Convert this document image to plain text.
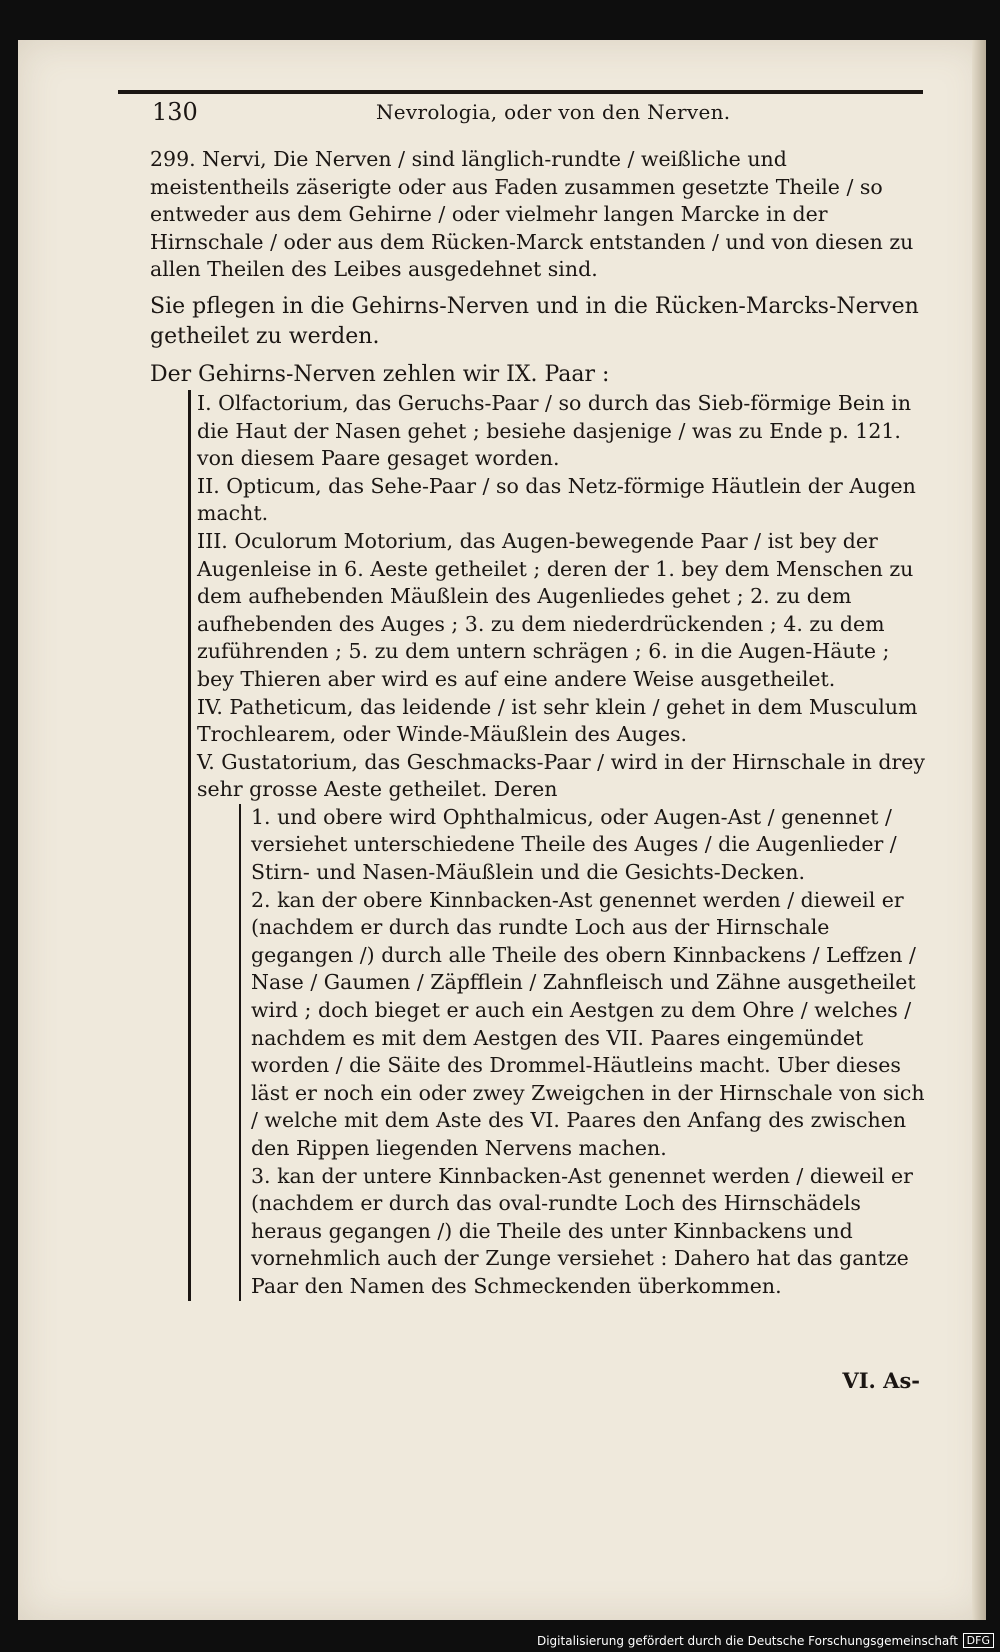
130	Nevrologia, oder von den Nerven.

299. Nervi, Die Nerven / sind länglich-rundte / weißliche und meistentheils zäserigte oder aus Faden zusammen gesetzte Theile / so entweder aus dem Gehirne / oder vielmehr langen Marcke in der Hirnschale / oder aus dem Rücken-Marck entstanden / und von diesen zu allen Theilen des Leibes ausgedehnet sind.

Sie pflegen in die Gehirns-Nerven und in die Rücken-Marcks-Nerven getheilet zu werden.

Der Gehirns-Nerven zehlen wir IX. Paar :

I. Olfactorium, das Geruchs-Paar / so durch das Sieb-förmige Bein in die Haut der Nasen gehet ; besiehe dasjenige / was zu Ende p. 121. von diesem Paare gesaget worden.

II. Opticum, das Sehe-Paar / so das Netz-förmige Häutlein der Augen macht.

III. Oculorum Motorium, das Augen-bewegende Paar / ist bey der Augenleise in 6. Aeste getheilet ; deren der 1. bey dem Menschen zu dem aufhebenden Mäußlein des Augenliedes gehet ; 2. zu dem aufhebenden des Auges ; 3. zu dem niederdrückenden ; 4. zu dem zuführenden ; 5. zu dem untern schrägen ; 6. in die Augen-Häute ; bey Thieren aber wird es auf eine andere Weise ausgetheilet.

IV. Patheticum, das leidende / ist sehr klein / gehet in dem Musculum Trochlearem, oder Winde-Mäußlein des Auges.

V. Gustatorium, das Geschmacks-Paar / wird in der Hirnschale in drey sehr grosse Aeste getheilet. Deren

1. und obere wird Ophthalmicus, oder Augen-Ast / genennet / versiehet unterschiedene Theile des Auges / die Augenlieder / Stirn- und Nasen-Mäußlein und die Gesichts-Decken.

2. kan der obere Kinnbacken-Ast genennet werden / dieweil er (nachdem er durch das rundte Loch aus der Hirnschale gegangen /) durch alle Theile des obern Kinnbackens / Leffzen / Nase / Gaumen / Zäpfflein / Zahnfleisch und Zähne ausgetheilet wird ; doch bieget er auch ein Aestgen zu dem Ohre / welches / nachdem es mit dem Aestgen des VII. Paares eingemündet worden / die Säite des Drommel-Häutleins macht. Uber dieses läst er noch ein oder zwey Zweigchen in der Hirnschale von sich / welche mit dem Aste des VI. Paares den Anfang des zwischen den Rippen liegenden Nervens machen.

3. kan der untere Kinnbacken-Ast genennet werden / dieweil er (nachdem er durch das oval-rundte Loch des Hirnschädels heraus gegangen /) die Theile des unter Kinnbackens und vornehmlich auch der Zunge versiehet : Dahero hat das gantze Paar den Namen des Schmeckenden überkommen.

VI. As-
Digitalisierung gefördert durch die Deutsche Forschungsgemeinschaft DFG
